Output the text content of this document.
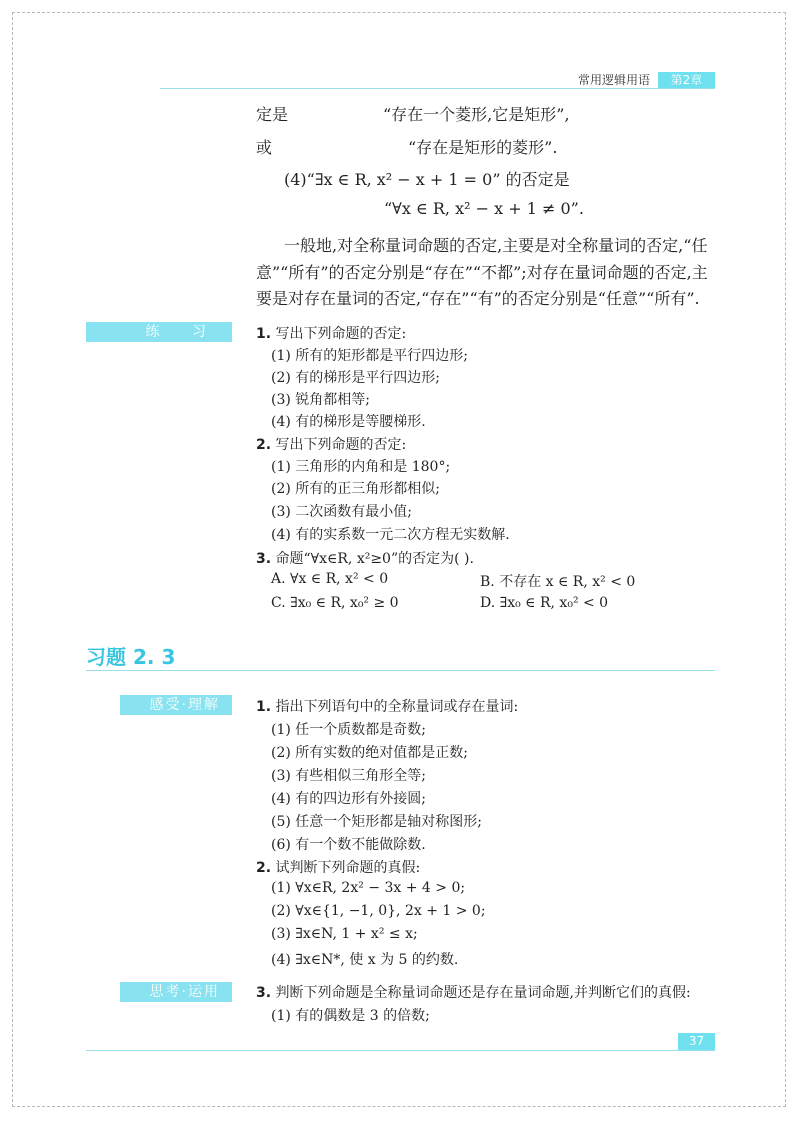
常用逻辑用语	第2章
定是	“存在一个菱形,它是矩形”,
或	“存在是矩形的菱形”.
(4)“∃x ∈ R, x² − x + 1 = 0” 的否定是
“∀x ∈ R, x² − x + 1 ≠ 0”.
一般地,对全称量词命题的否定,主要是对全称量词的否定,“任
意”“所有”的否定分别是“存在”“不都”;对存在量词命题的否定,主
要是对存在量词的否定,“存在”“有”的否定分别是“任意”“所有”.
练 习	1. 写出下列命题的否定:
(1) 所有的矩形都是平行四边形;
(2) 有的梯形是平行四边形;
(3) 锐角都相等;
(4) 有的梯形是等腰梯形.
2. 写出下列命题的否定:
(1) 三角形的内角和是 180°;
(2) 所有的正三角形都相似;
(3) 二次函数有最小值;
(4) 有的实系数一元二次方程无实数解.
3. 命题“∀x∈R, x²≥0”的否定为( ).
A. ∀x ∈ R, x² < 0	B. 不存在 x ∈ R, x² < 0
C. ∃x₀ ∈ R, x₀² ≥ 0	D. ∃x₀ ∈ R, x₀² < 0
习题 2. 3
感受·理解	1. 指出下列语句中的全称量词或存在量词:
(1) 任一个质数都是奇数;
(2) 所有实数的绝对值都是正数;
(3) 有些相似三角形全等;
(4) 有的四边形有外接圆;
(5) 任意一个矩形都是轴对称图形;
(6) 有一个数不能做除数.
2. 试判断下列命题的真假:
(1) ∀x∈R, 2x² − 3x + 4 > 0;
(2) ∀x∈{1, −1, 0}, 2x + 1 > 0;
(3) ∃x∈N, 1 + x² ≤ x;
(4) ∃x∈N*, 使 x 为 5 的约数.
思考·运用	3. 判断下列命题是全称量词命题还是存在量词命题,并判断它们的真假:
(1) 有的偶数是 3 的倍数;
37
